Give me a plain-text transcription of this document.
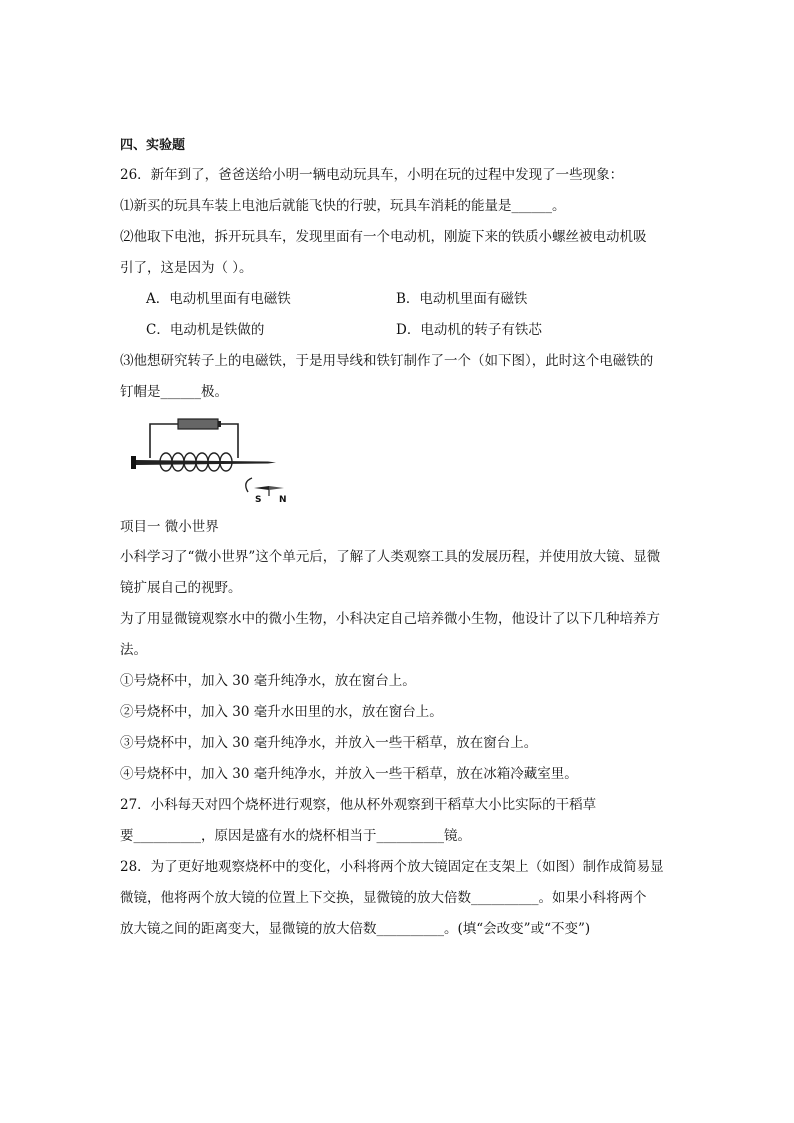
四、实验题
26．新年到了，爸爸送给小明一辆电动玩具车，小明在玩的过程中发现了一些现象：
⑴新买的玩具车装上电池后就能飞快的行驶，玩具车消耗的能量是______。
⑵他取下电池，拆开玩具车，发现里面有一个电动机，刚旋下来的铁质小螺丝被电动机吸
引了，这是因为（ ）。
A．电动机里面有电磁铁	B．电动机里面有磁铁
C．电动机是铁做的	D．电动机的转子有铁芯
⑶他想研究转子上的电磁铁，于是用导线和铁钉制作了一个（如下图），此时这个电磁铁的
钉帽是______极。
S N
项目一 微小世界
小科学习了“微小世界”这个单元后，了解了人类观察工具的发展历程，并使用放大镜、显微
镜扩展自己的视野。
为了用显微镜观察水中的微小生物，小科决定自己培养微小生物，他设计了以下几种培养方
法。
①号烧杯中，加入 30 毫升纯净水，放在窗台上。
②号烧杯中，加入 30 毫升水田里的水，放在窗台上。
③号烧杯中，加入 30 毫升纯净水，并放入一些干稻草，放在窗台上。
④号烧杯中，加入 30 毫升纯净水，并放入一些干稻草，放在冰箱冷藏室里。
27．小科每天对四个烧杯进行观察，他从杯外观察到干稻草大小比实际的干稻草
要__________，原因是盛有水的烧杯相当于__________镜。
28．为了更好地观察烧杯中的变化，小科将两个放大镜固定在支架上（如图）制作成简易显
微镜，他将两个放大镜的位置上下交换，显微镜的放大倍数__________。如果小科将两个
放大镜之间的距离变大，显微镜的放大倍数__________。(填“会改变”或“不变”)
